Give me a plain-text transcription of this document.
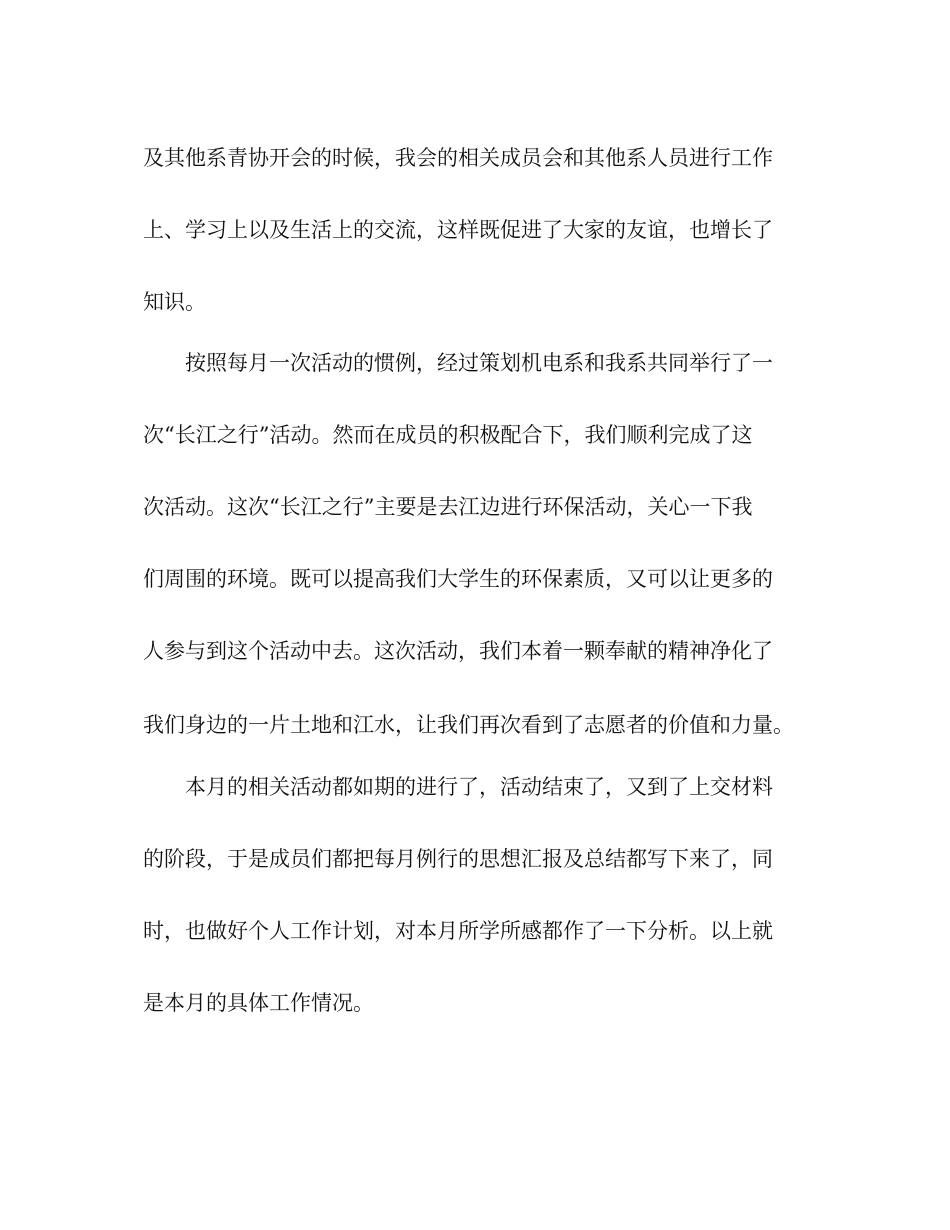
及其他系青协开会的时候，我会的相关成员会和其他系人员进行工作
上、学习上以及生活上的交流，这样既促进了大家的友谊，也增长了
知识。
按照每月一次活动的惯例，经过策划机电系和我系共同举行了一
次“长江之行”活动。然而在成员的积极配合下，我们顺利完成了这
次活动。这次“长江之行”主要是去江边进行环保活动，关心一下我
们周围的环境。既可以提高我们大学生的环保素质，又可以让更多的
人参与到这个活动中去。这次活动，我们本着一颗奉献的精神净化了
我们身边的一片土地和江水，让我们再次看到了志愿者的价值和力量。
本月的相关活动都如期的进行了，活动结束了，又到了上交材料
的阶段，于是成员们都把每月例行的思想汇报及总结都写下来了，同
时，也做好个人工作计划，对本月所学所感都作了一下分析。以上就
是本月的具体工作情况。
